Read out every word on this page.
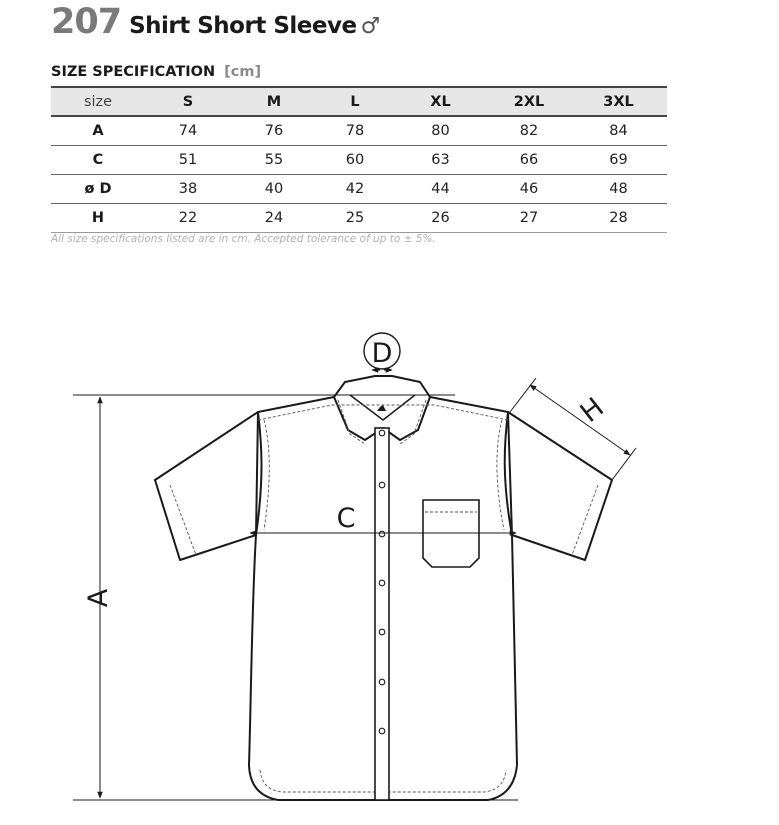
207 Shirt Short Sleeve ♂
SIZE SPECIFICATION [cm]
size	S	M	L	XL	2XL	3XL
A	74	76	78	80	82	84
C	51	55	60	63	66	69
ø D	38	40	42	44	46	48
H	22	24	25	26	27	28
All size specifications listed are in cm. Accepted tolerance of up to ± 5%.
A
C
D
H
